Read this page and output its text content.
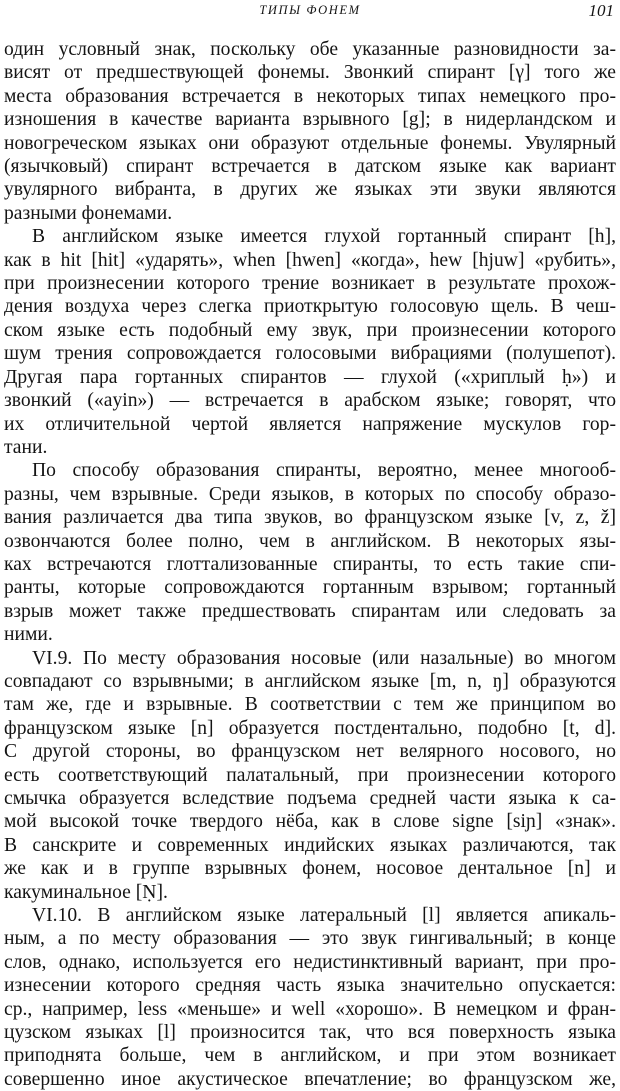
ТИПЫ ФОНЕМ	101
один условный знак, поскольку обе указанные разновидности за-
висят от предшествующей фонемы. Звонкий спирант [γ] того же
места образования встречается в некоторых типах немецкого про-
изношения в качестве варианта взрывного [g]; в нидерландском и
новогреческом языках они образуют отдельные фонемы. Увулярный
(язычковый) спирант встречается в датском языке как вариант
увулярного вибранта, в других же языках эти звуки являются
разными фонемами.
В английском языке имеется глухой гортанный спирант [h],
как в hit [hit] «ударять», when [hwen] «когда», hew [hjuw] «рубить»,
при произнесении которого трение возникает в результате прохож-
дения воздуха через слегка приоткрытую голосовую щель. В чеш-
ском языке есть подобный ему звук, при произнесении которого
шум трения сопровождается голосовыми вибрациями (полушепот).
Другая пара гортанных спирантов — глухой («хриплый ḥ») и
звонкий («ayin») — встречается в арабском языке; говорят, что
их отличительной чертой является напряжение мускулов гор-
тани.
По способу образования спиранты, вероятно, менее многооб-
разны, чем взрывные. Среди языков, в которых по способу образо-
вания различается два типа звуков, во французском языке [v, z, ž]
озвончаются более полно, чем в английском. В некоторых язы-
ках встречаются глоттализованные спиранты, то есть такие спи-
ранты, которые сопровождаются гортанным взрывом; гортанный
взрыв может также предшествовать спирантам или следовать за
ними.
VI.9. По месту образования носовые (или назальные) во многом
совпадают со взрывными; в английском языке [m, n, ŋ] образуются
там же, где и взрывные. В соответствии с тем же принципом во
французском языке [n] образуется постдентально, подобно [t, d].
С другой стороны, во французском нет велярного носового, но
есть соответствующий палатальный, при произнесении которого
смычка образуется вследствие подъема средней части языка к са-
мой высокой точке твердого нёба, как в слове signe [siɲ] «знак».
В санскрите и современных индийских языках различаются, так
же как и в группе взрывных фонем, носовое дентальное [n] и
какуминальное [Ṇ].
VI.10. В английском языке латеральный [l] является апикаль-
ным, а по месту образования — это звук гингивальный; в конце
слов, однако, используется его недистинктивный вариант, при про-
изнесении которого средняя часть языка значительно опускается:
ср., например, less «меньше» и well «хорошо». В немецком и фран-
цузском языках [l] произносится так, что вся поверхность языка
приподнята больше, чем в английском, и при этом возникает
совершенно иное акустическое впечатление; во французском же,
